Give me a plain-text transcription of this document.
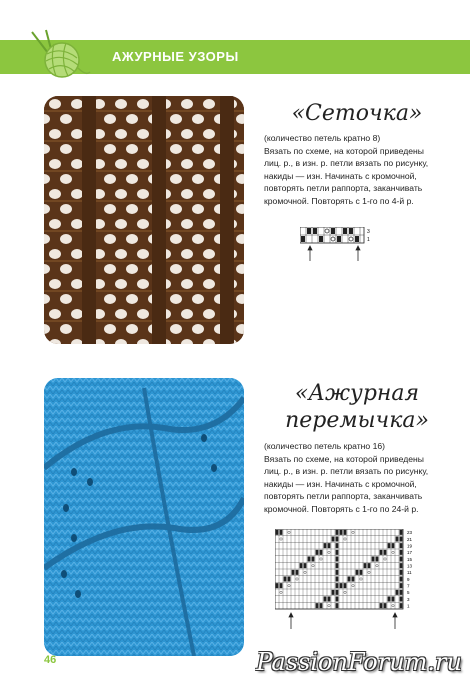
АЖУРНЫЕ УЗОРЫ
«Сеточка»

(количество петель кратно 8)

Вязать по схеме, на которой приведены лиц. р., в изн. р. петли вязать по рисунку, накиды — изн. Начинать с кромочной, повторять петли раппорта, заканчивать кромочной. Повторять с 1-го по 4-й р.

3
1
«Ажурная
перемычка»

(количество петель кратно 16)

Вязать по схеме, на которой приведены лиц. р., в изн. р. петли вязать по рисунку, накиды — изн. Начинать с кромочной, повторять петли раппорта, заканчивать кромочной. Повторять с 1-го по 24-й р.

23
21
19
17
15
13
11
9
7
5
3
1
46	PassionForum.ru
